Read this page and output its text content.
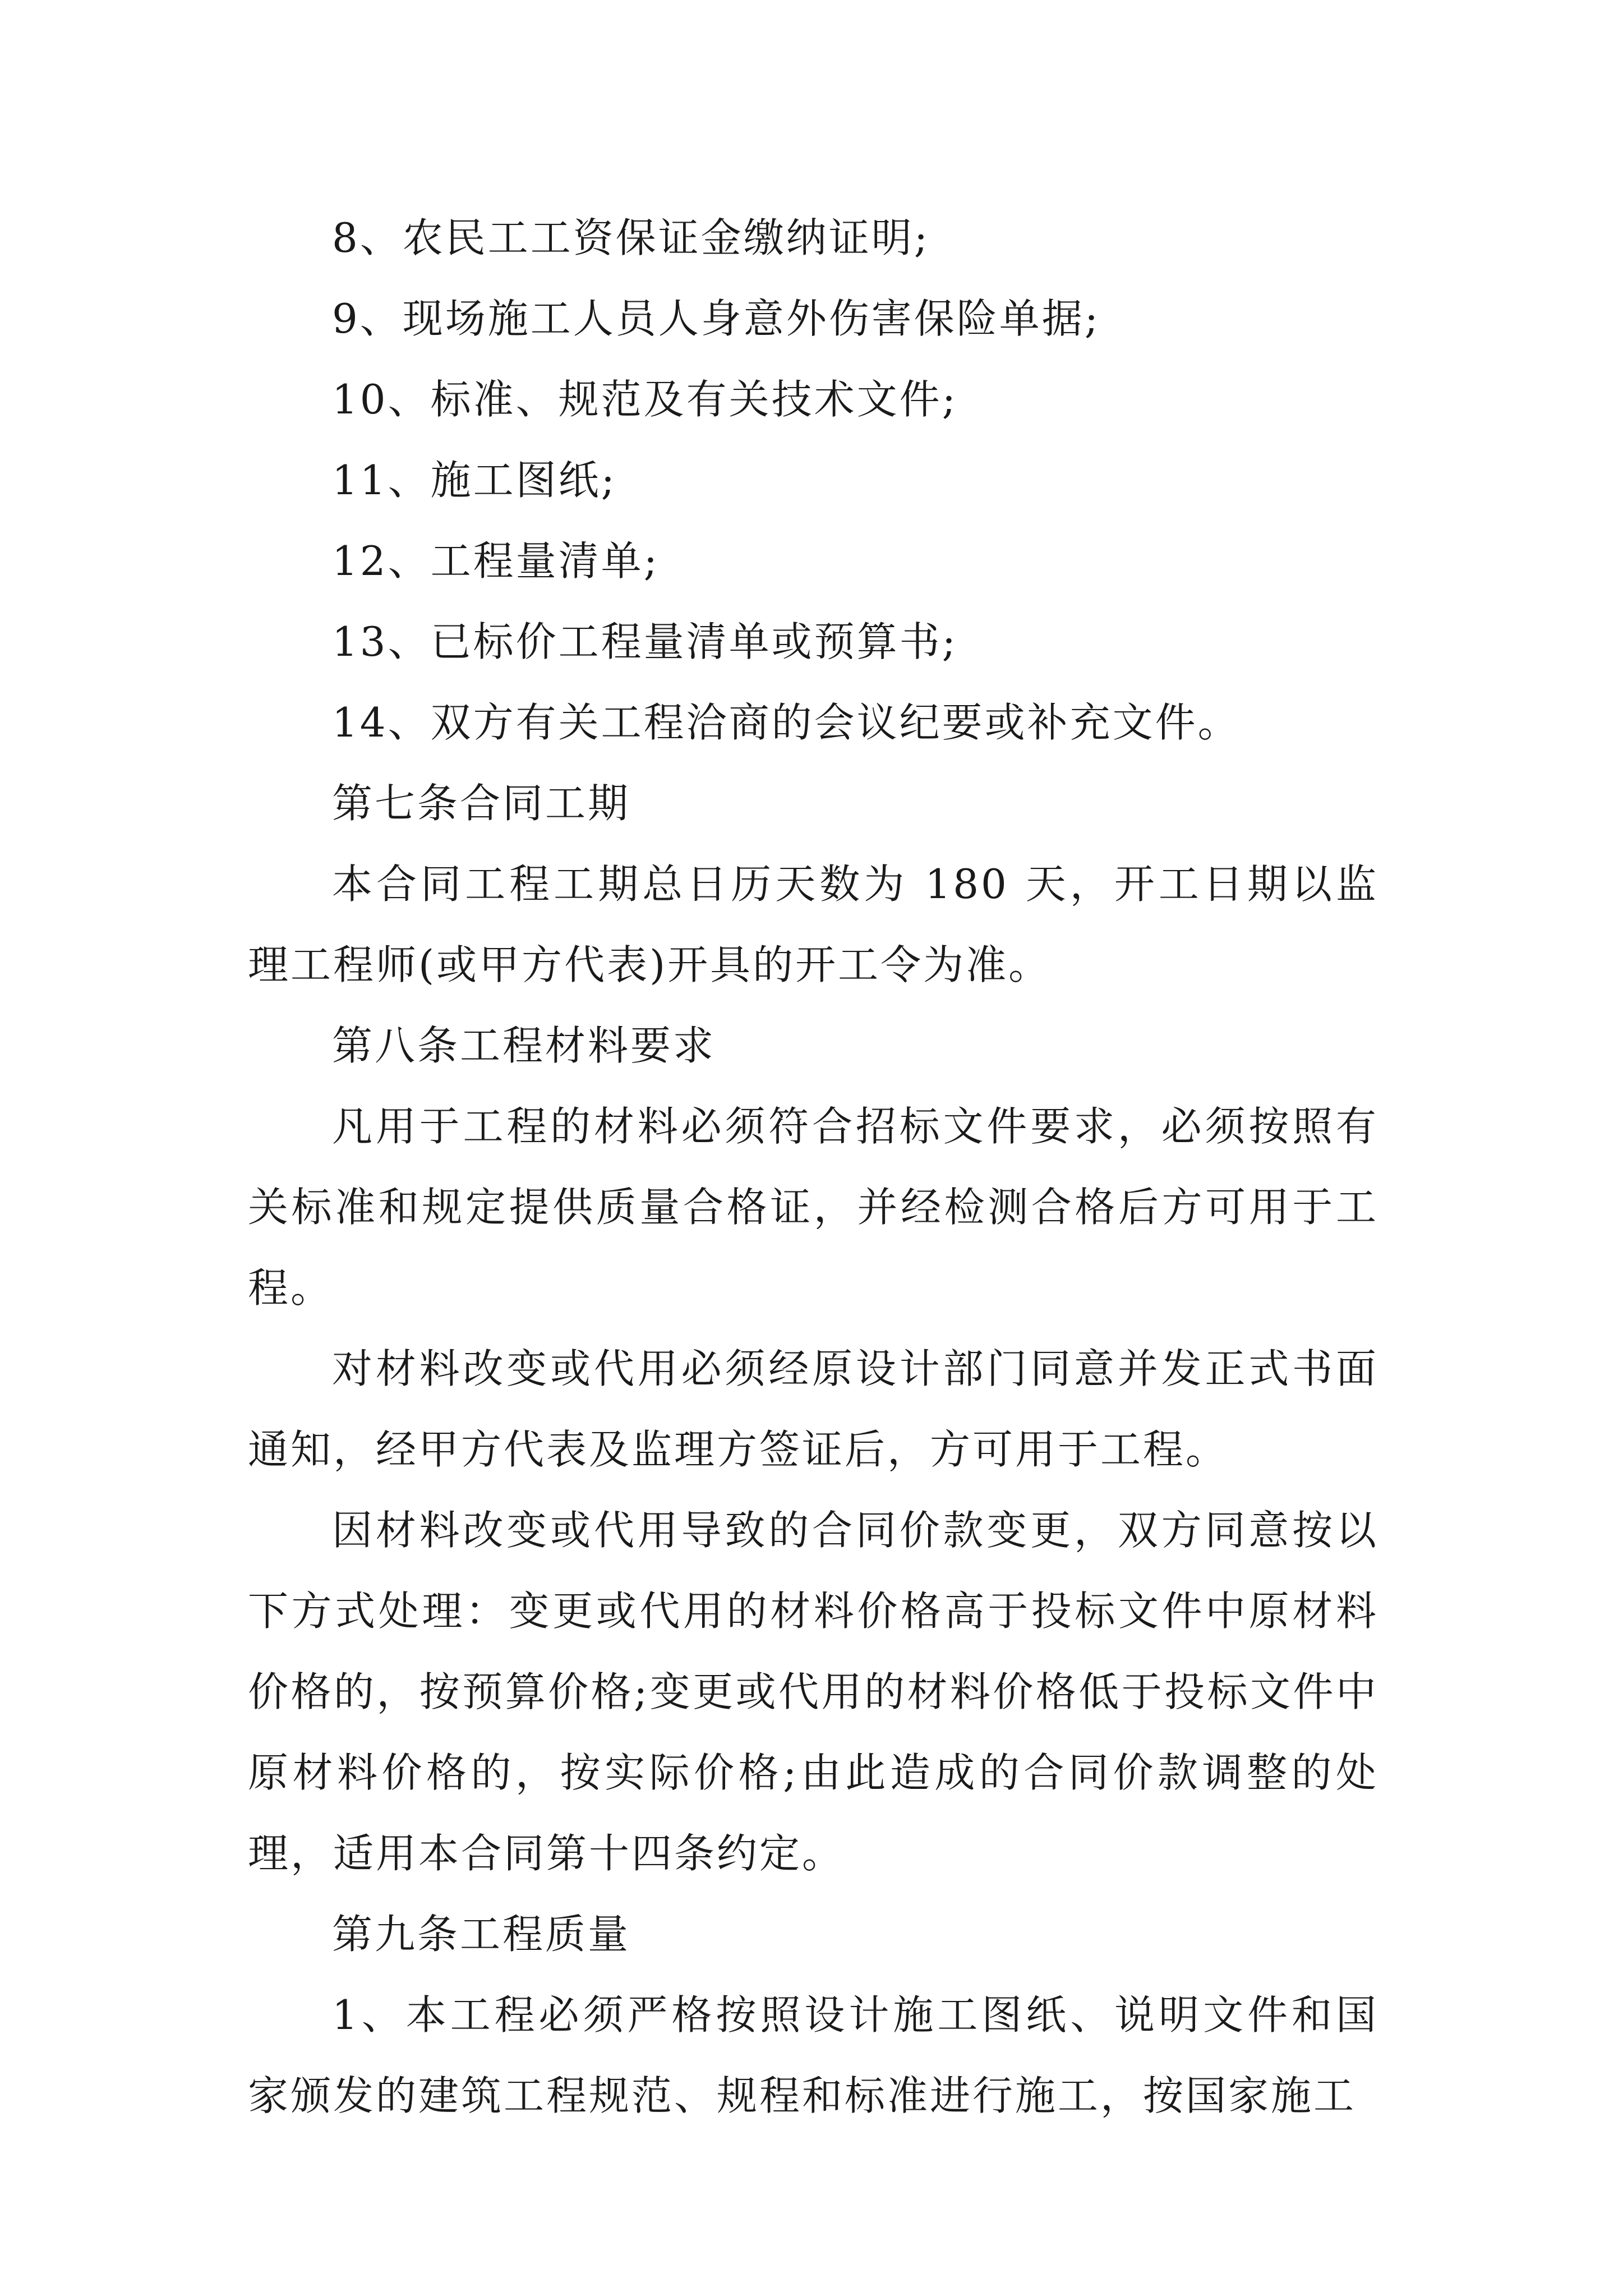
8、农民工工资保证金缴纳证明;
9、现场施工人员人身意外伤害保险单据;
10、标准、规范及有关技术文件;
11、施工图纸;
12、工程量清单;
13、已标价工程量清单或预算书;
14、双方有关工程洽商的会议纪要或补充文件。
第七条合同工期

本合同工程工期总日历天数为 180 天，开工日期以监理工程师(或甲方代表)开具的开工令为准。

第八条工程材料要求

凡用于工程的材料必须符合招标文件要求，必须按照有关标准和规定提供质量合格证，并经检测合格后方可用于工程。

对材料改变或代用必须经原设计部门同意并发正式书面通知，经甲方代表及监理方签证后，方可用于工程。

因材料改变或代用导致的合同价款变更，双方同意按以下方式处理：变更或代用的材料价格高于投标文件中原材料价格的，按预算价格;变更或代用的材料价格低于投标文件中原材料价格的，按实际价格;由此造成的合同价款调整的处理，适用本合同第十四条约定。

第九条工程质量

1、本工程必须严格按照设计施工图纸、说明文件和国家颁发的建筑工程规范、规程和标准进行施工，按国家施工
